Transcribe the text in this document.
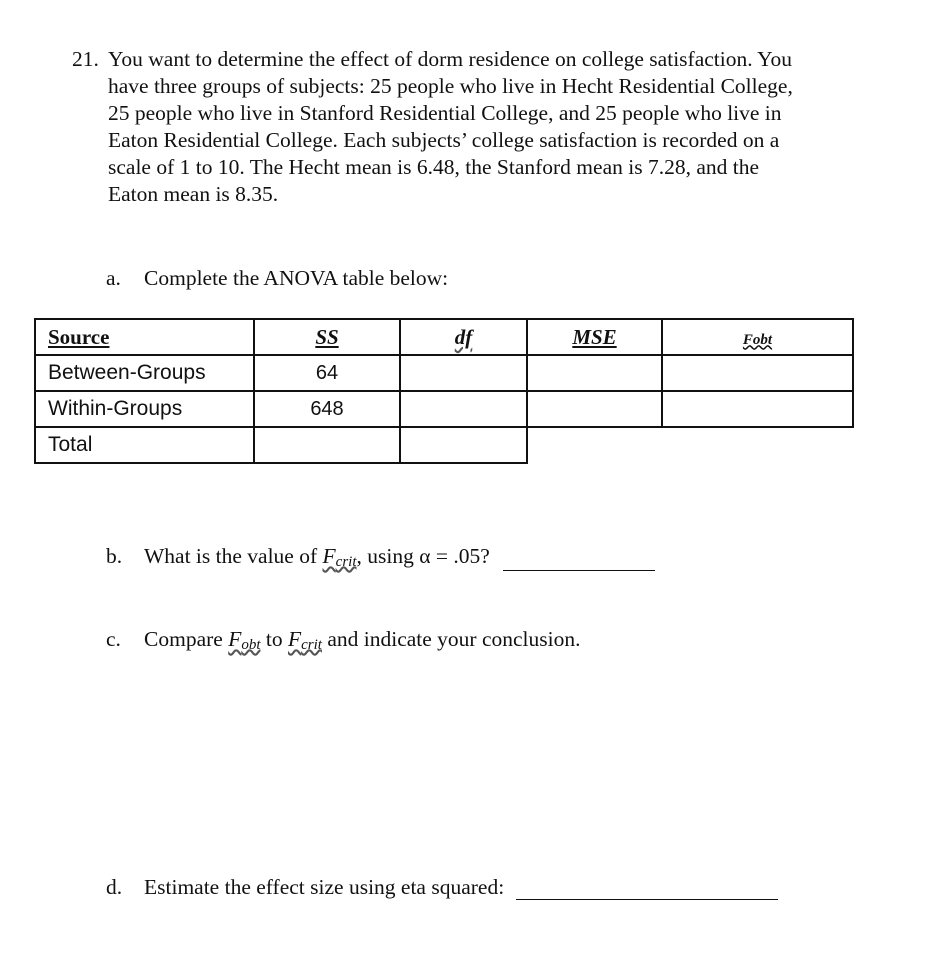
21. You want to determine the effect of dorm residence on college satisfaction. You
have three groups of subjects: 25 people who live in Hecht Residential College,
25 people who live in Stanford Residential College, and 25 people who live in
Eaton Residential College. Each subjects’ college satisfaction is recorded on a
scale of 1 to 10. The Hecht mean is 6.48, the Stanford mean is 7.28, and the
Eaton mean is 8.35.
a. Complete the ANOVA table below:
Source	SS	df	MSE	Fobt
Between-Groups	64			
Within-Groups	648			
Total				
b. What is the value of $F_{crit}$, using α = .05?
c. Compare $F_{obt}$ to $F_{crit}$ and indicate your conclusion.
d. Estimate the effect size using eta squared:
